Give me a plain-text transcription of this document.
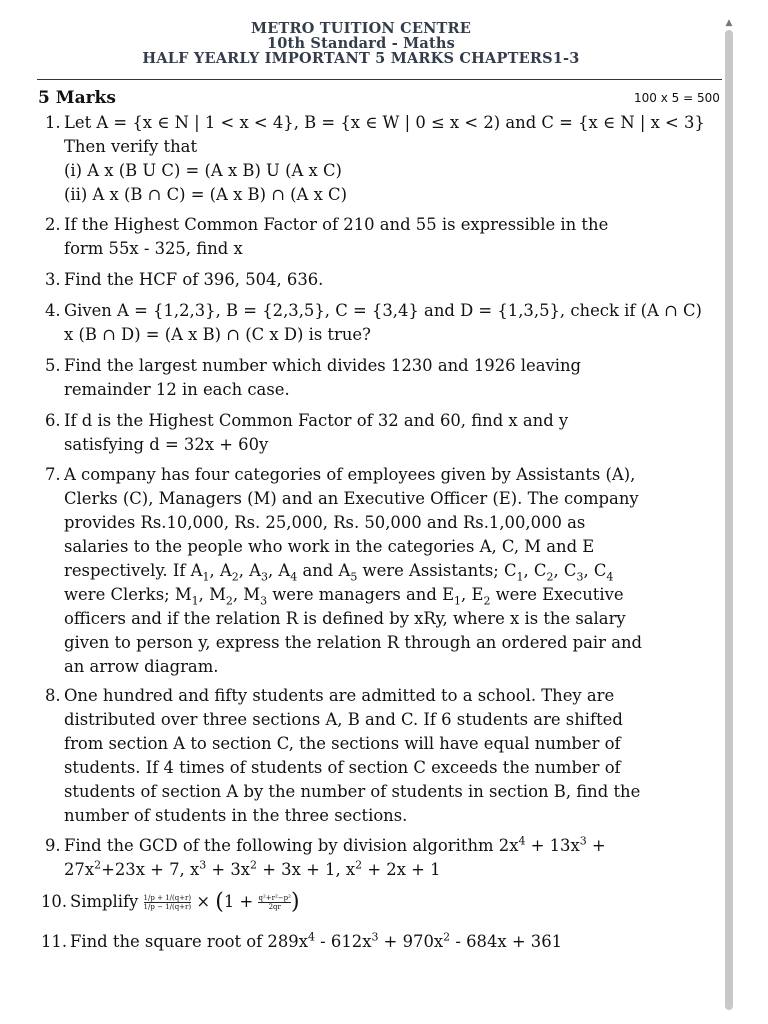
METRO TUITION CENTRE
10th Standard - Maths
HALF YEARLY IMPORTANT 5 MARKS CHAPTERS1-3
5 Marks	100 x 5 = 500
1. Let A = {x ∈ N | 1 < x < 4}, B = {x ∈ W | 0 ≤ x < 2) and C = {x ∈ N | x < 3}
Then verify that
(i) A x (B U C) = (A x B) U (A x C)
(ii) A x (B ∩ C) = (A x B) ∩ (A x C)
2. If the Highest Common Factor of 210 and 55 is expressible in the
form 55x - 325, find x
3. Find the HCF of 396, 504, 636.
4. Given A = {1,2,3}, B = {2,3,5}, C = {3,4} and D = {1,3,5}, check if (A ∩ C)
x (B ∩ D) = (A x B) ∩ (C x D) is true?
5. Find the largest number which divides 1230 and 1926 leaving
remainder 12 in each case.
6. If d is the Highest Common Factor of 32 and 60, find x and y
satisfying d = 32x + 60y
7. A company has four categories of employees given by Assistants (A),
Clerks (C), Managers (M) and an Executive Officer (E). The company
provides Rs.10,000, Rs. 25,000, Rs. 50,000 and Rs.1,00,000 as
salaries to the people who work in the categories A, C, M and E
respectively. If $A_1$, $A_2$, $A_3$, $A_4$ and $A_5$ were Assistants; $C_1$, $C_2$, $C_3$, $C_4$
were Clerks; $M_1$, $M_2$, $M_3$ were managers and $E_1$, $E_2$ were Executive
officers and if the relation R is defined by xRy, where x is the salary
given to person y, express the relation R through an ordered pair and
an arrow diagram.
8. One hundred and fifty students are admitted to a school. They are
distributed over three sections A, B and C. If 6 students are shifted
from section A to section C, the sections will have equal number of
students. If 4 times of students of section C exceeds the number of
students of section A by the number of students in section B, find the
number of students in the three sections.
9. Find the GCD of the following by division algorithm $2x^4 + 13x^3$ +
$27x^2+23x + 7$, $x^3 + 3x^2 + 3x + 1$, $x^2 + 2x + 1$
10. Simplify $\frac{1/p + 1/(q+r)}{1/p - 1/(q+r)} \times (1 + \frac{\text{q²+r²−p²}}{2qr}$ )
11. Find the square root of $289x^4 - 612x^3 + 970x^2 - 684x + 361$
▲
